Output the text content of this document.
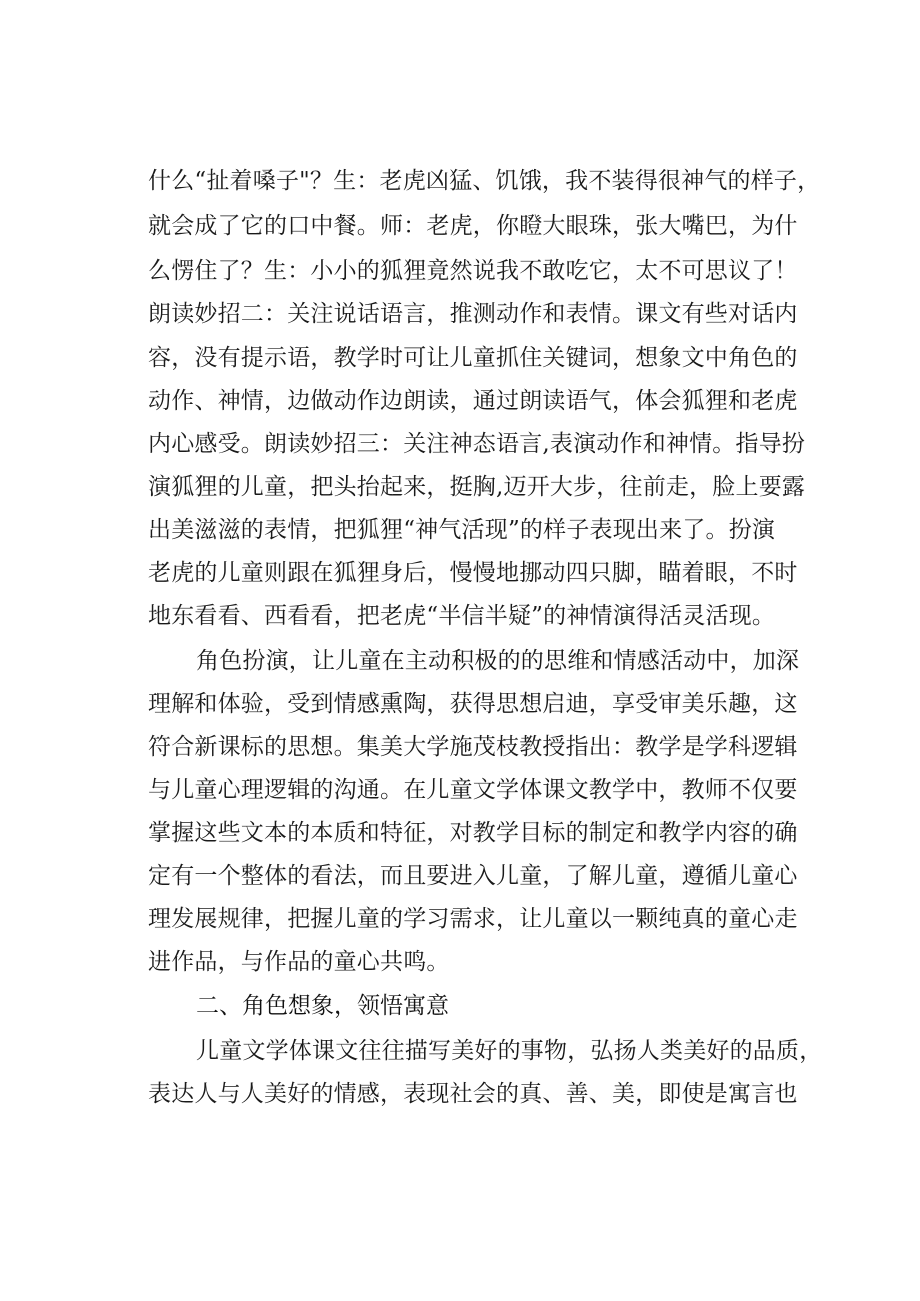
什么“扯着嗓子"？生：老虎凶猛、饥饿，我不装得很神气的样子，
就会成了它的口中餐。师：老虎，你瞪大眼珠，张大嘴巴，为什
么愣住了？生：小小的狐狸竟然说我不敢吃它，太不可思议了！
朗读妙招二：关注说话语言，推测动作和表情。课文有些对话内
容，没有提示语，教学时可让儿童抓住关键词，想象文中角色的
动作、神情，边做动作边朗读，通过朗读语气，体会狐狸和老虎
内心感受。朗读妙招三：关注神态语言,表演动作和神情。指导扮
演狐狸的儿童，把头抬起来，挺胸,迈开大步，往前走，脸上要露
出美滋滋的表情，把狐狸“神气活现”的样子表现出来了。扮演
老虎的儿童则跟在狐狸身后，慢慢地挪动四只脚，瞄着眼，不时
地东看看、西看看，把老虎“半信半疑”的神情演得活灵活现。
角色扮演，让儿童在主动积极的的思维和情感活动中，加深
理解和体验，受到情感熏陶，获得思想启迪，享受审美乐趣，这
符合新课标的思想。集美大学施茂枝教授指出：教学是学科逻辑
与儿童心理逻辑的沟通。在儿童文学体课文教学中，教师不仅要
掌握这些文本的本质和特征，对教学目标的制定和教学内容的确
定有一个整体的看法，而且要进入儿童，了解儿童，遵循儿童心
理发展规律，把握儿童的学习需求，让儿童以一颗纯真的童心走
进作品，与作品的童心共鸣。
二、角色想象，领悟寓意
儿童文学体课文往往描写美好的事物，弘扬人类美好的品质，
表达人与人美好的情感，表现社会的真、善、美，即使是寓言也
